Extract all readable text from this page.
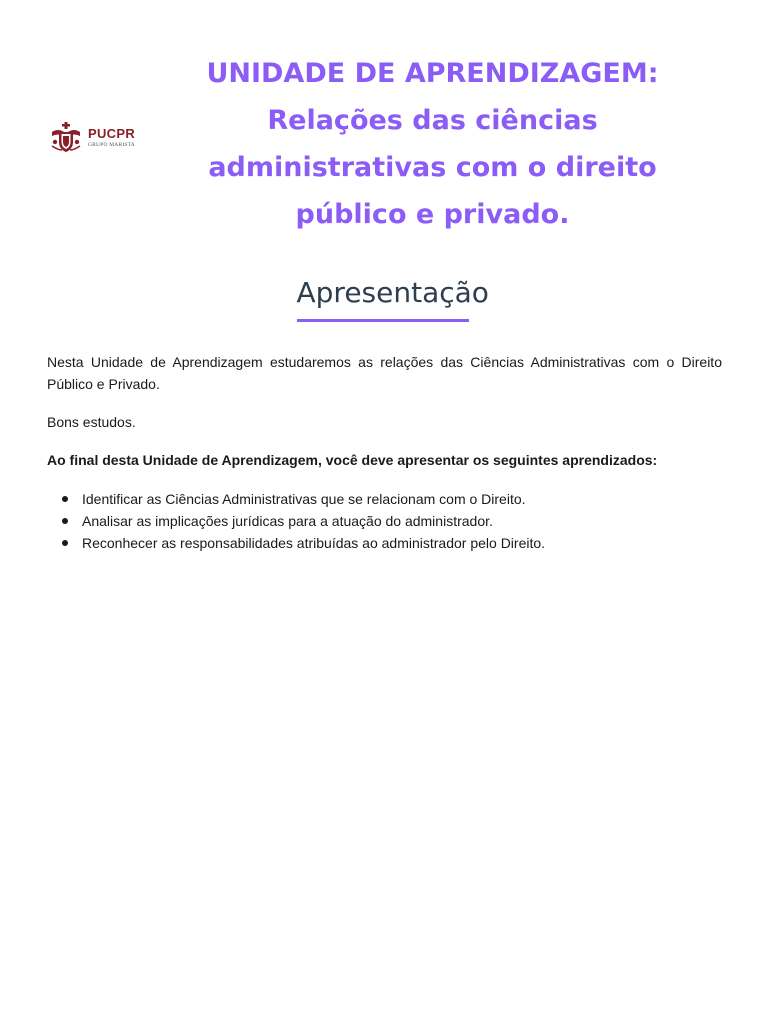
PUCPR
GRUPO MARISTA
UNIDADE DE APRENDIZAGEM:
Relações das ciências
administrativas com o direito
público e privado.
Apresentação

Nesta Unidade de Aprendizagem estudaremos as relações das Ciências Administrativas com o Direito Público e Privado.

Bons estudos.

Ao final desta Unidade de Aprendizagem, você deve apresentar os seguintes aprendizados:

Identificar as Ciências Administrativas que se relacionam com o Direito.
Analisar as implicações jurídicas para a atuação do administrador.
Reconhecer as responsabilidades atribuídas ao administrador pelo Direito.
